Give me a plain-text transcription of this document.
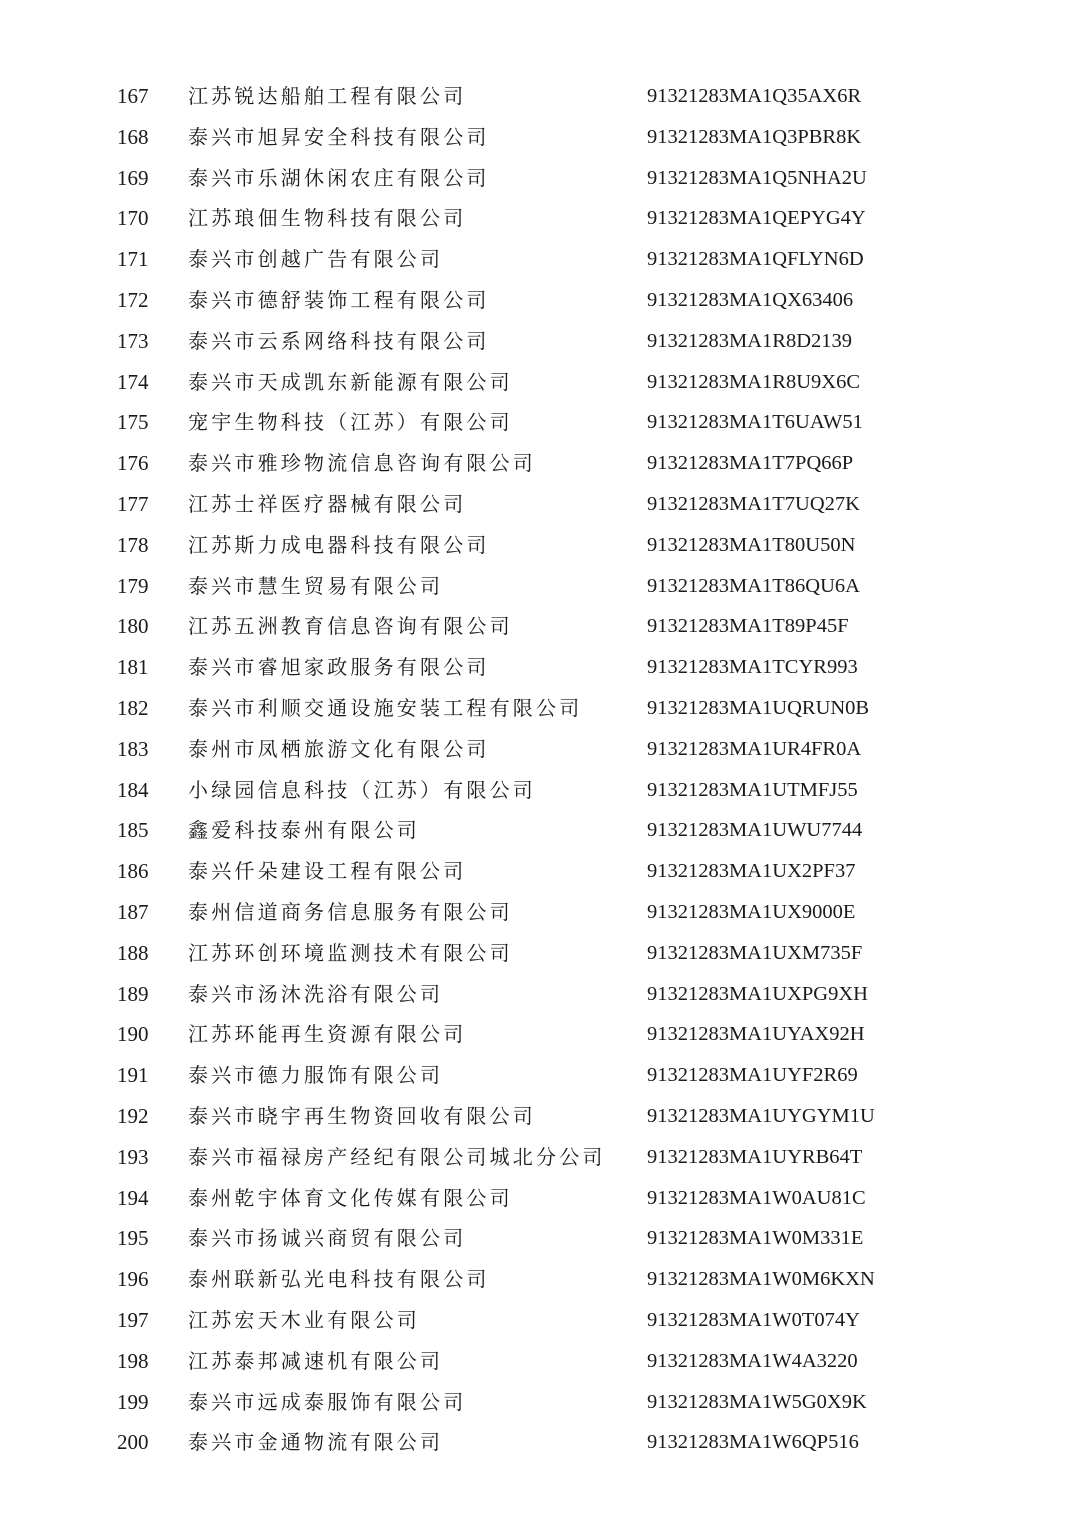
167	江苏锐达船舶工程有限公司	91321283MA1Q35AX6R
168	泰兴市旭昇安全科技有限公司	91321283MA1Q3PBR8K
169	泰兴市乐湖休闲农庄有限公司	91321283MA1Q5NHA2U
170	江苏琅佃生物科技有限公司	91321283MA1QEPYG4Y
171	泰兴市创越广告有限公司	91321283MA1QFLYN6D
172	泰兴市德舒装饰工程有限公司	91321283MA1QX63406
173	泰兴市云系网络科技有限公司	91321283MA1R8D2139
174	泰兴市天成凯东新能源有限公司	91321283MA1R8U9X6C
175	宠宇生物科技（江苏）有限公司	91321283MA1T6UAW51
176	泰兴市雅珍物流信息咨询有限公司	91321283MA1T7PQ66P
177	江苏士祥医疗器械有限公司	91321283MA1T7UQ27K
178	江苏斯力成电器科技有限公司	91321283MA1T80U50N
179	泰兴市慧生贸易有限公司	91321283MA1T86QU6A
180	江苏五洲教育信息咨询有限公司	91321283MA1T89P45F
181	泰兴市睿旭家政服务有限公司	91321283MA1TCYR993
182	泰兴市利顺交通设施安装工程有限公司	91321283MA1UQRUN0B
183	泰州市凤栖旅游文化有限公司	91321283MA1UR4FR0A
184	小绿园信息科技（江苏）有限公司	91321283MA1UTMFJ55
185	鑫爱科技泰州有限公司	91321283MA1UWU7744
186	泰兴仟朵建设工程有限公司	91321283MA1UX2PF37
187	泰州信道商务信息服务有限公司	91321283MA1UX9000E
188	江苏环创环境监测技术有限公司	91321283MA1UXM735F
189	泰兴市汤沐洗浴有限公司	91321283MA1UXPG9XH
190	江苏环能再生资源有限公司	91321283MA1UYAX92H
191	泰兴市德力服饰有限公司	91321283MA1UYF2R69
192	泰兴市晓宇再生物资回收有限公司	91321283MA1UYGYM1U
193	泰兴市福禄房产经纪有限公司城北分公司 91321283MA1UYRB64T
194	泰州乾宇体育文化传媒有限公司	91321283MA1W0AU81C
195	泰兴市扬诚兴商贸有限公司	91321283MA1W0M331E
196	泰州联新弘光电科技有限公司	91321283MA1W0M6KXN
197	江苏宏天木业有限公司	91321283MA1W0T074Y
198	江苏泰邦减速机有限公司	91321283MA1W4A3220
199	泰兴市远成泰服饰有限公司	91321283MA1W5G0X9K
200	泰兴市金通物流有限公司	91321283MA1W6QP516
